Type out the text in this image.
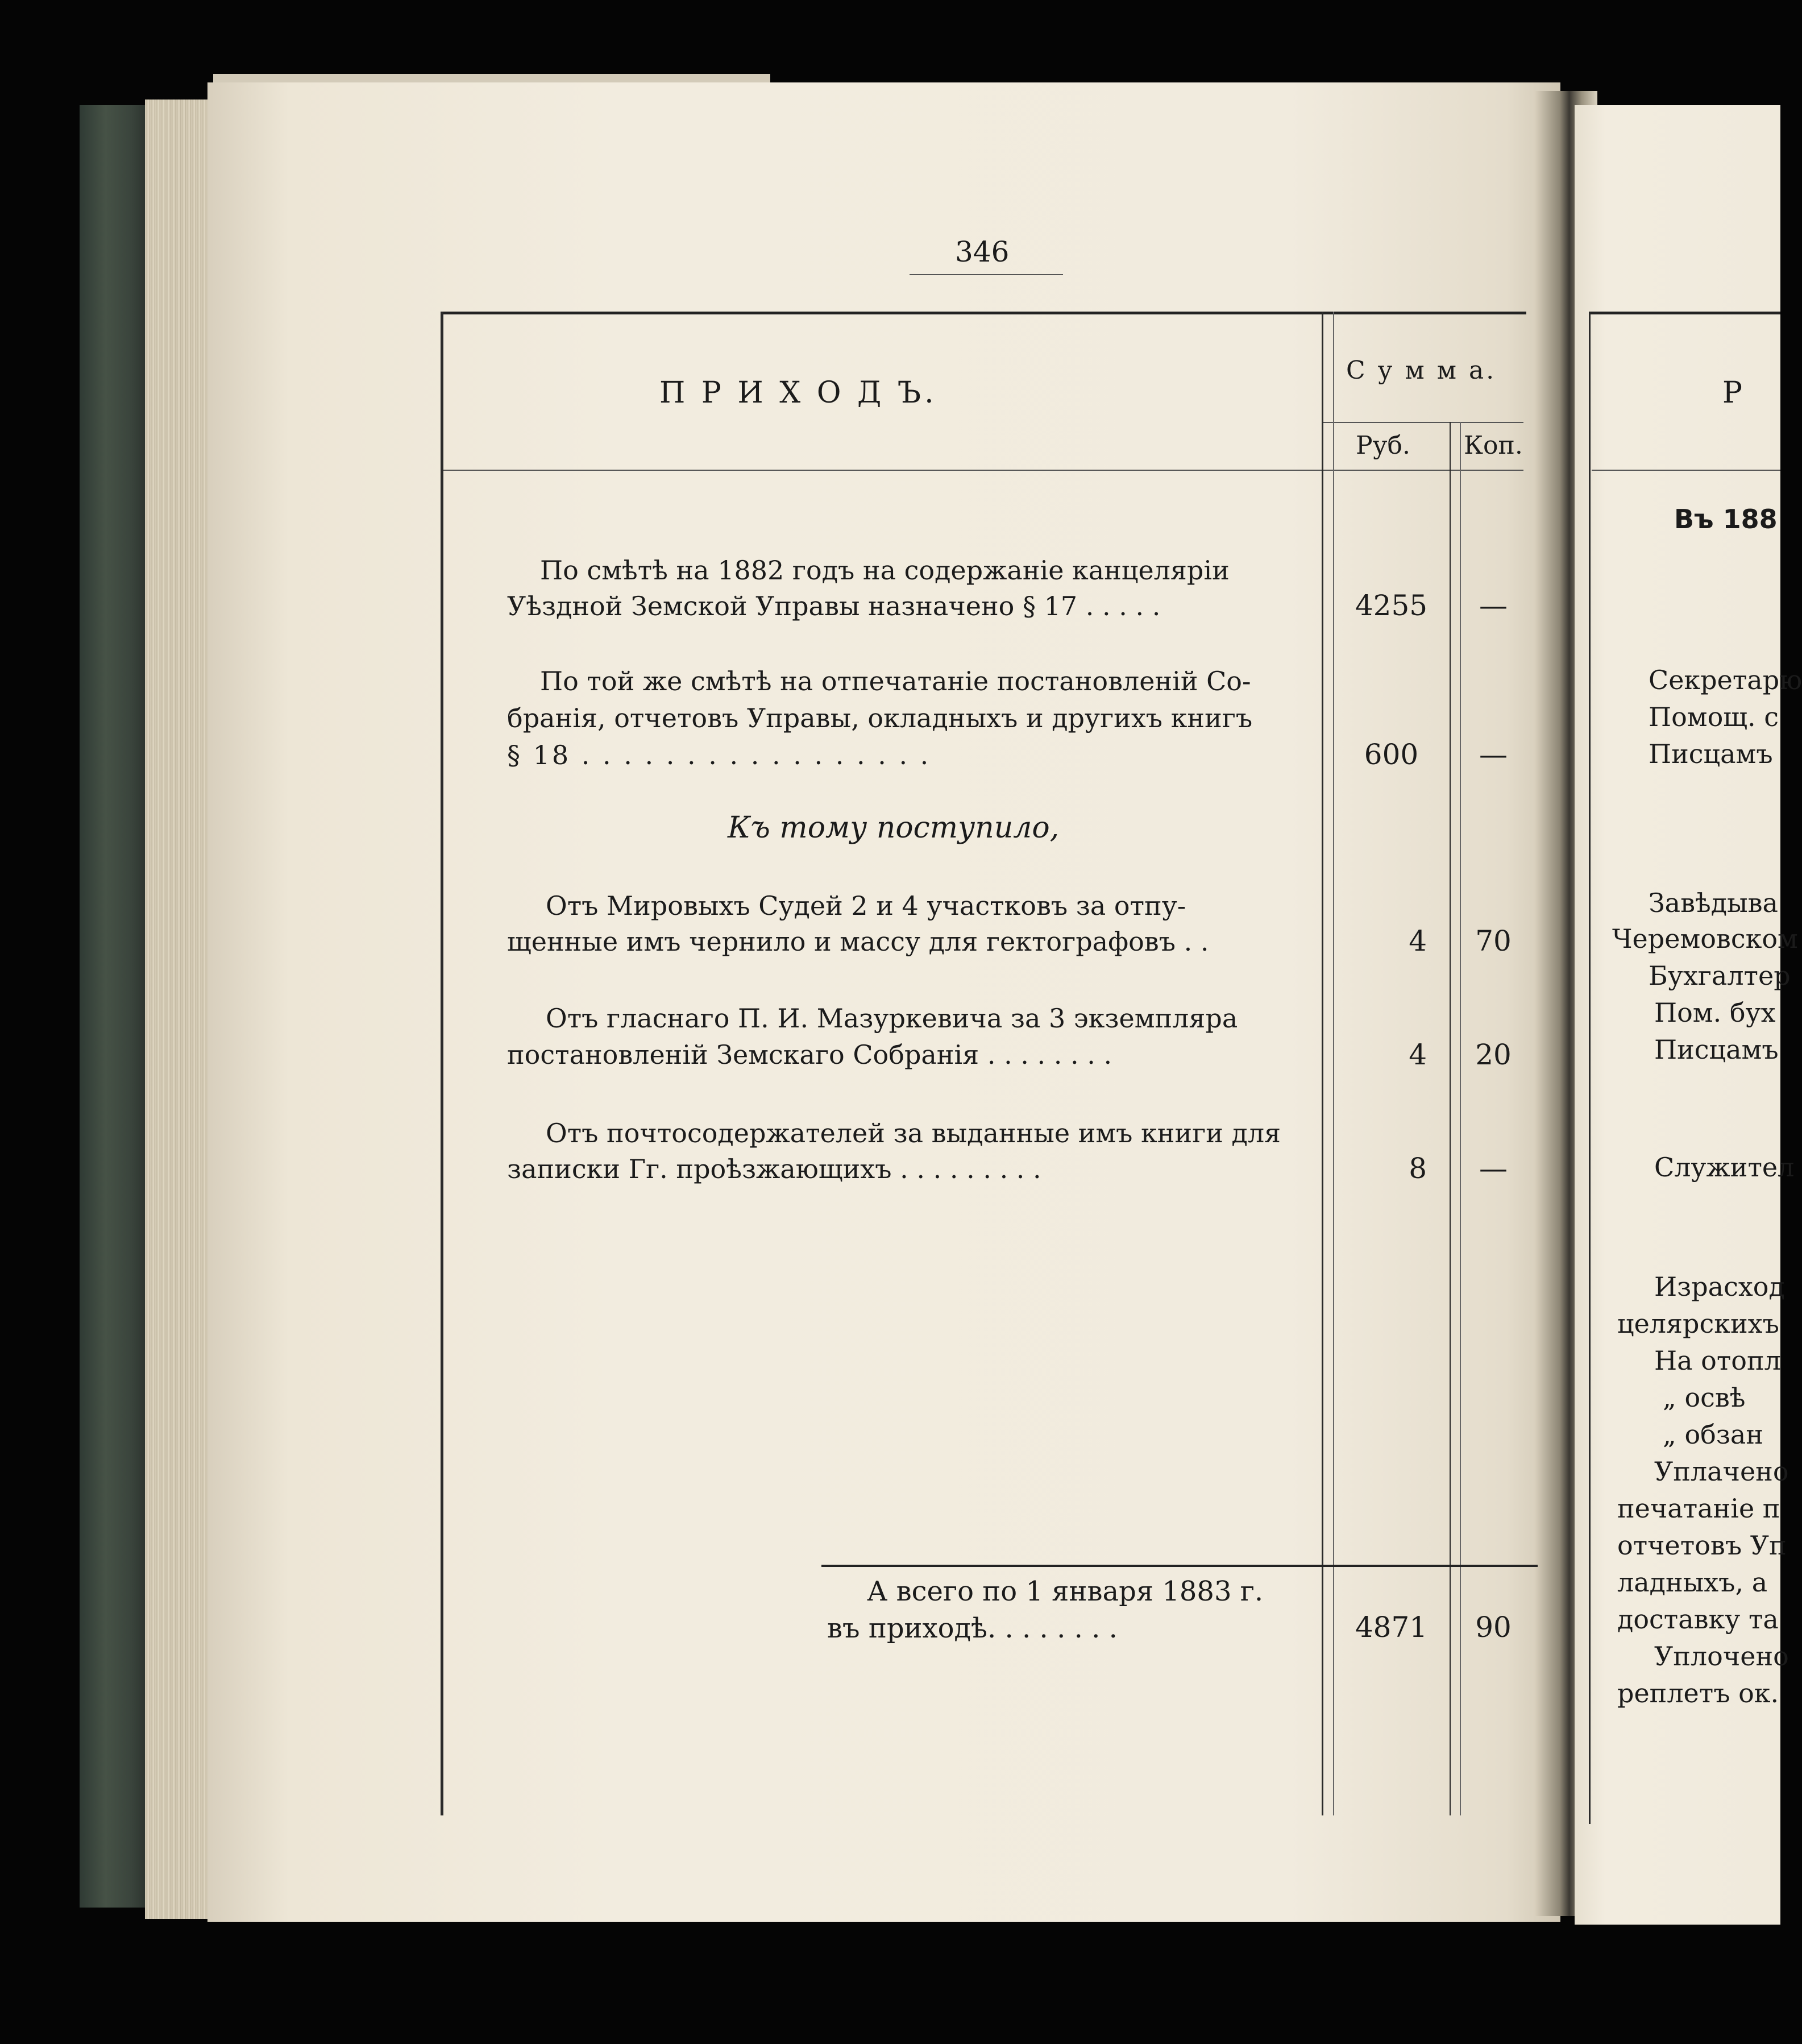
346
П Р И Х О Д Ъ.
С у м м а.
Руб. Коп.
По смѣтѣ на 1882 годъ на содержаніе канцеляріи
Уѣздной Земской Управы назначено § 17 . . . . .	4255	—
По той же смѣтѣ на отпечатаніе постановленій Со-
бранія, отчетовъ Управы, окладныхъ и другихъ книгъ
§ 18 . . . . . . . . . . . . . . . . .	600	—
Къ тому поступило,
Отъ Мировыхъ Судей 2 и 4 участковъ за отпу-
щенные имъ чернило и массу для гектографовъ . .	4	70
Отъ гласнаго П. И. Мазуркевича за 3 экземпляра
постановленій Земскаго Собранія . . . . . . . .	4	20
Отъ почтосодержателей за выданные имъ книги для
записки Гг. проѣзжающихъ . . . . . . . . .	8	—
А всего по 1 января 1883 г.
въ приходѣ. . . . . . . .	4871	90
Р
Въ 188
Секретарю
Помощ. с
Писцамъ
Завѣдыва
Черемовском
Бухгалтер
Пом. бух
Писцамъ
Служител
Израсход
целярскихъ
На отопл
„ освѣ
„ обзан
Уплачено
печатаніе п
отчетовъ Уп
ладныхъ, а
доставку та
Уплочено
реплетъ ок.
